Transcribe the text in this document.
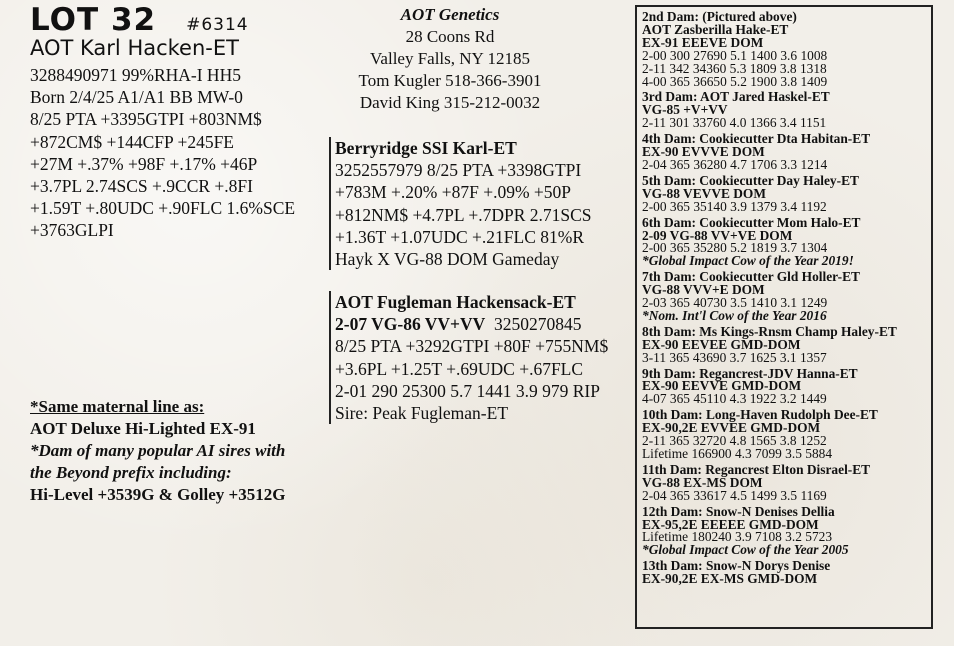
LOT 32 #6314
AOT Karl Hacken-ET
3288490971 99%RHA-I HH5
Born 2/4/25 A1/A1 BB MW-0
8/25 PTA +3395GTPI +803NM$
+872CM$ +144CFP +245FE
+27M +.37% +98F +.17% +46P
+3.7PL 2.74SCS +.9CCR +.8FI
+1.59T +.80UDC +.90FLC 1.6%SCE
+3763GLPI
AOT Genetics
28 Coons Rd
Valley Falls, NY 12185
Tom Kugler 518-366-3901
David King 315-212-0032
Berryridge SSI Karl-ET
3252557979 8/25 PTA +3398GTPI
+783M +.20% +87F +.09% +50P
+812NM$ +4.7PL +.7DPR 2.71SCS
+1.36T +1.07UDC +.21FLC 81%R
Hayk X VG-88 DOM Gameday
AOT Fugleman Hackensack-ET
2-07 VG-86 VV+VV  3250270845
8/25 PTA +3292GTPI +80F +755NM$
+3.6PL +1.25T +.69UDC +.67FLC
2-01 290 25300 5.7 1441 3.9 979 RIP
Sire: Peak Fugleman-ET
*Same maternal line as:
AOT Deluxe Hi-Lighted EX-91
*Dam of many popular AI sires with
the Beyond prefix including:
Hi-Level +3539G & Golley +3512G
2nd Dam: (Pictured above)
AOT Zasberilla Hake-ET
EX-91 EEEVE DOM
2-00 300 27690 5.1 1400 3.6 1008
2-11 342 34360 5.3 1809 3.8 1318
4-00 365 36650 5.2 1900 3.8 1409
3rd Dam: AOT Jared Haskel-ET
VG-85 +V+VV
2-11 301 33760 4.0 1366 3.4 1151
4th Dam: Cookiecutter Dta Habitan-ET
EX-90 EVVVE DOM
2-04 365 36280 4.7 1706 3.3 1214
5th Dam: Cookiecutter Day Haley-ET
VG-88 VEVVE DOM
2-00 365 35140 3.9 1379 3.4 1192
6th Dam: Cookiecutter Mom Halo-ET
2-09 VG-88 VV+VE DOM
2-00 365 35280 5.2 1819 3.7 1304
*Global Impact Cow of the Year 2019!
7th Dam: Cookiecutter Gld Holler-ET
VG-88 VVV+E DOM
2-03 365 40730 3.5 1410 3.1 1249
*Nom. Int'l Cow of the Year 2016
8th Dam: Ms Kings-Rnsm Champ Haley-ET
EX-90 EEVEE GMD-DOM
3-11 365 43690 3.7 1625 3.1 1357
9th Dam: Regancrest-JDV Hanna-ET
EX-90 EEVVE GMD-DOM
4-07 365 45110 4.3 1922 3.2 1449
10th Dam: Long-Haven Rudolph Dee-ET
EX-90,2E EVVEE GMD-DOM
2-11 365 32720 4.8 1565 3.8 1252
Lifetime 166900 4.3 7099 3.5 5884
11th Dam: Regancrest Elton Disrael-ET
VG-88 EX-MS DOM
2-04 365 33617 4.5 1499 3.5 1169
12th Dam: Snow-N Denises Dellia
EX-95,2E EEEEE GMD-DOM
Lifetime 180240 3.9 7108 3.2 5723
*Global Impact Cow of the Year 2005
13th Dam: Snow-N Dorys Denise
EX-90,2E EX-MS GMD-DOM
